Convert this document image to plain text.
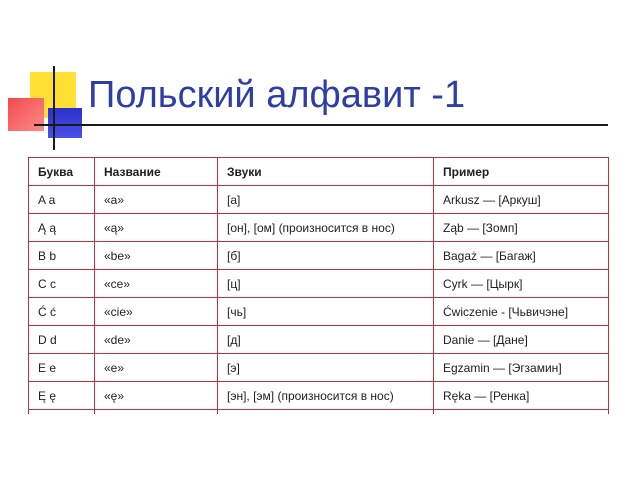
Польский алфавит -1
Буква	Название	Звуки	Пример
A a	«a»	[а]	Arkusz — [Аркуш]
Ą ą	«ą»	[он], [ом] (произносится в нос)	Ząb — [Зомп]
B b	«be»	[б]	Bagaż — [Багаж]
C c	«ce»	[ц]	Cyrk — [Цырк]
Ć ć	«cie»	[чь]	Ćwiczenie - [Чьвичэне]
D d	«de»	[д]	Danie — [Дане]
E e	«e»	[э]	Egzamin — [Эгзамин]
Ę ę	«ę»	[эн], [эм] (произносится в нос)	Ręka — [Ренка]
